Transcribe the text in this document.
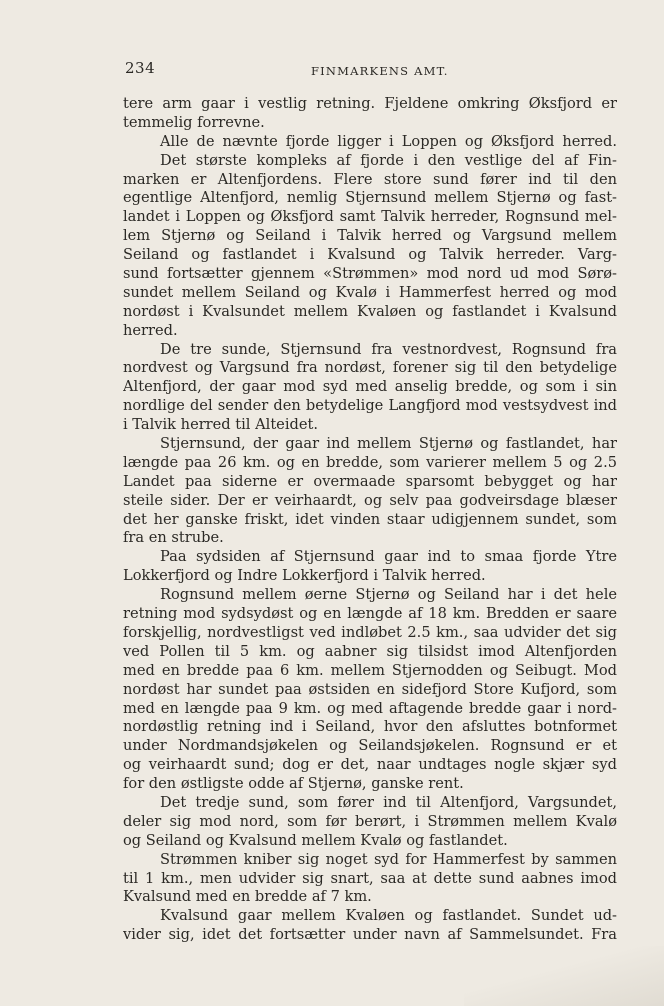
234	FINMARKENS AMT.
tere arm gaar i vestlig retning. Fjeldene omkring Øksfjord er
temmelig forrevne.
Alle de nævnte fjorde ligger i Loppen og Øksfjord herred.
Det største kompleks af fjorde i den vestlige del af Fin-
marken er Altenfjordens. Flere store sund fører ind til den
egentlige Altenfjord, nemlig Stjernsund mellem Stjernø og fast-
landet i Loppen og Øksfjord samt Talvik herreder, Rognsund mel-
lem Stjernø og Seiland i Talvik herred og Vargsund mellem
Seiland og fastlandet i Kvalsund og Talvik herreder. Varg-
sund fortsætter gjennem «Strømmen» mod nord ud mod Sørø-
sundet mellem Seiland og Kvalø i Hammerfest herred og mod
nordøst i Kvalsundet mellem Kvaløen og fastlandet i Kvalsund
herred.
De tre sunde, Stjernsund fra vestnordvest, Rognsund fra
nordvest og Vargsund fra nordøst, forener sig til den betydelige
Altenfjord, der gaar mod syd med anselig bredde, og som i sin
nordlige del sender den betydelige Langfjord mod vestsydvest ind
i Talvik herred til Alteidet.
Stjernsund, der gaar ind mellem Stjernø og fastlandet, har
længde paa 26 km. og en bredde, som varierer mellem 5 og 2.5
Landet paa siderne er overmaade sparsomt bebygget og har
steile sider. Der er veirhaardt, og selv paa godveirsdage blæser
det her ganske friskt, idet vinden staar udigjennem sundet, som
fra en strube.
Paa sydsiden af Stjernsund gaar ind to smaa fjorde Ytre
Lokkerfjord og Indre Lokkerfjord i Talvik herred.
Rognsund mellem øerne Stjernø og Seiland har i det hele
retning mod sydsydøst og en længde af 18 km. Bredden er saare
forskjellig, nordvestligst ved indløbet 2.5 km., saa udvider det sig
ved Pollen til 5 km. og aabner sig tilsidst imod Altenfjorden
med en bredde paa 6 km. mellem Stjernodden og Seibugt. Mod
nordøst har sundet paa østsiden en sidefjord Store Kufjord, som
med en længde paa 9 km. og med aftagende bredde gaar i nord-
nordøstlig retning ind i Seiland, hvor den afsluttes botnformet
under Nordmandsjøkelen og Seilandsjøkelen. Rognsund er et
og veirhaardt sund; dog er det, naar undtages nogle skjær syd
for den østligste odde af Stjernø, ganske rent.
Det tredje sund, som fører ind til Altenfjord, Vargsundet,
deler sig mod nord, som før berørt, i Strømmen mellem Kvalø
og Seiland og Kvalsund mellem Kvalø og fastlandet.
Strømmen kniber sig noget syd for Hammerfest by sammen
til 1 km., men udvider sig snart, saa at dette sund aabnes imod
Kvalsund med en bredde af 7 km.
Kvalsund gaar mellem Kvaløen og fastlandet. Sundet ud-
vider sig, idet det fortsætter under navn af Sammelsundet. Fra
